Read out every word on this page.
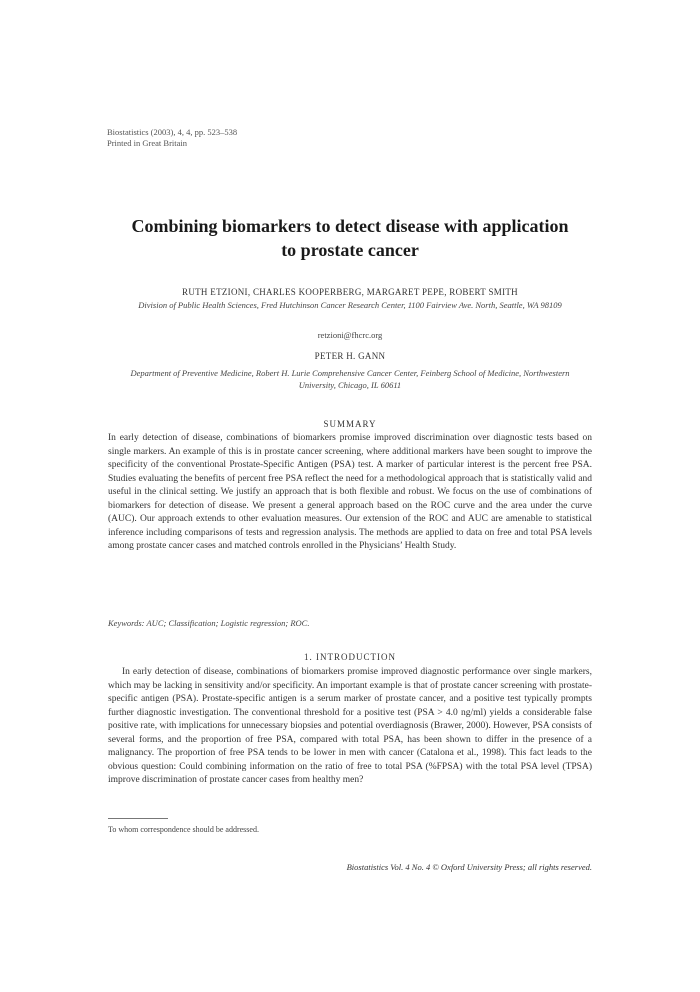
Biostatistics (2003), 4, 4, pp. 523–538
Printed in Great Britain
Combining biomarkers to detect disease with application to prostate cancer
RUTH ETZIONI, CHARLES KOOPERBERG, MARGARET PEPE, ROBERT SMITH
Division of Public Health Sciences, Fred Hutchinson Cancer Research Center, 1100 Fairview Ave. North, Seattle, WA 98109
retzioni@fhcrc.org
PETER H. GANN
Department of Preventive Medicine, Robert H. Lurie Comprehensive Cancer Center, Feinberg School of Medicine, Northwestern University, Chicago, IL 60611
SUMMARY
In early detection of disease, combinations of biomarkers promise improved discrimination over diagnostic tests based on single markers. An example of this is in prostate cancer screening, where additional markers have been sought to improve the specificity of the conventional Prostate-Specific Antigen (PSA) test. A marker of particular interest is the percent free PSA. Studies evaluating the benefits of percent free PSA reflect the need for a methodological approach that is statistically valid and useful in the clinical setting. We justify an approach that is both flexible and robust. We focus on the use of combinations of biomarkers for detection of disease. We present a general approach based on the ROC curve and the area under the curve (AUC). Our approach extends to other evaluation measures. Our extension of the ROC and AUC are amenable to statistical inference including comparisons of tests and regression analysis. The methods are applied to data on free and total PSA levels among prostate cancer cases and matched controls enrolled in the Physicians’ Health Study.
Keywords: AUC; Classification; Logistic regression; ROC.
1. INTRODUCTION
In early detection of disease, combinations of biomarkers promise improved diagnostic performance over single markers, which may be lacking in sensitivity and/or specificity. An important example is that of prostate cancer screening with prostate-specific antigen (PSA). Prostate-specific antigen is a serum marker of prostate cancer, and a positive test typically prompts further diagnostic investigation. The conventional threshold for a positive test (PSA > 4.0 ng/ml) yields a considerable false positive rate, with implications for unnecessary biopsies and potential overdiagnosis (Brawer, 2000). However, PSA consists of several forms, and the proportion of free PSA, compared with total PSA, has been shown to differ in the presence of a malignancy. The proportion of free PSA tends to be lower in men with cancer (Catalona et al., 1998). This fact leads to the obvious question: Could combining information on the ratio of free to total PSA (%FPSA) with the total PSA level (TPSA) improve discrimination of prostate cancer cases from healthy men?
To whom correspondence should be addressed.
Biostatistics Vol. 4 No. 4 © Oxford University Press; all rights reserved.
